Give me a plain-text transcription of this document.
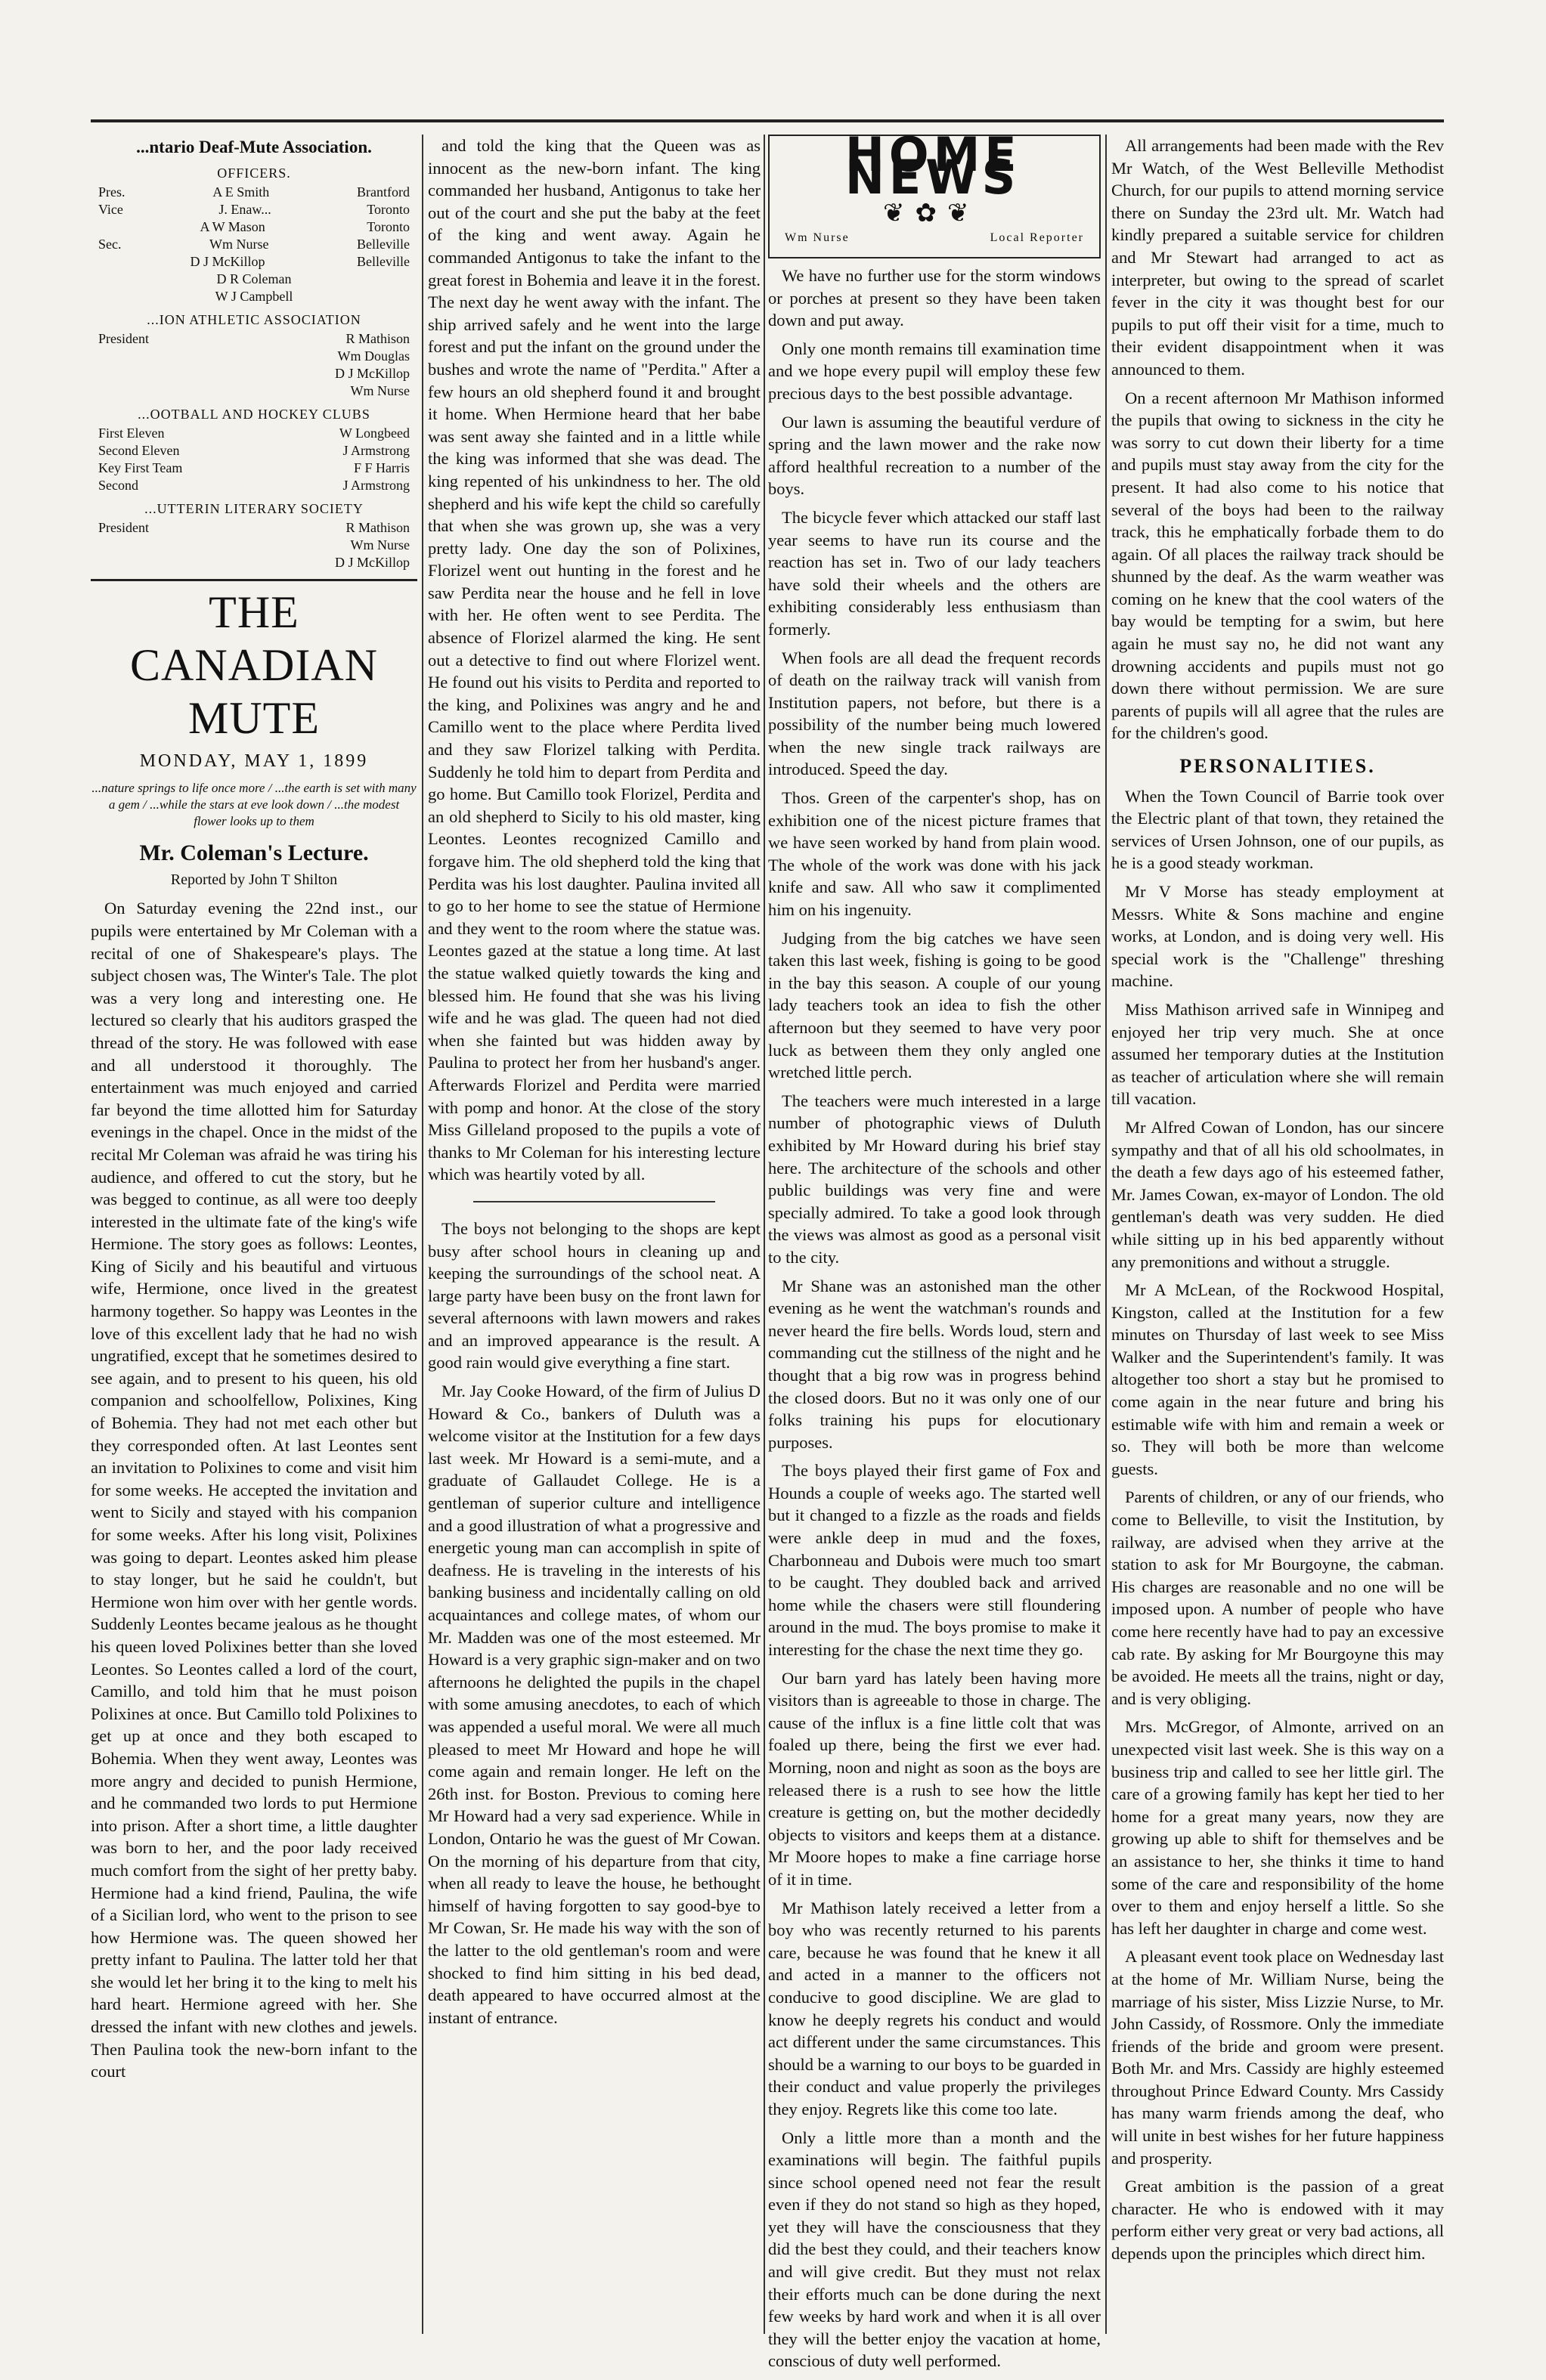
...ntario Deaf-Mute Association.
OFFICERS.
Pres.	A E Smith	Brantford
Vice	J. Enaw...	Toronto
A W Mason	Toronto
Sec.	Wm Nurse	Belleville
D J McKillop	Belleville
D R Coleman
W J Campbell
...ION ATHLETIC ASSOCIATION
President	R Mathison
Wm Douglas
D J McKillop
Wm Nurse
...OOTBALL AND HOCKEY CLUBS
First Eleven	W Longbeed
Second Eleven	J Armstrong
Key First Team	F F Harris
Second	J Armstrong
...UTTERIN LITERARY SOCIETY
President	R Mathison
Wm Nurse
D J McKillop
THE CANADIAN MUTE
MONDAY, MAY 1, 1899
...nature springs to life once more / ...the earth is set with many a gem / ...while the stars at eve look down / ...the modest flower looks up to them
Mr. Coleman's Lecture.
Reported by John T Shilton

On Saturday evening the 22nd inst., our pupils were entertained by Mr Coleman with a recital of one of Shakespeare's plays. The subject chosen was, The Winter's Tale. The plot was a very long and interesting one. He lectured so clearly that his auditors grasped the thread of the story. He was followed with ease and all understood it thoroughly. The entertainment was much enjoyed and carried far beyond the time allotted him for Saturday evenings in the chapel. Once in the midst of the recital Mr Coleman was afraid he was tiring his audience, and offered to cut the story, but he was begged to continue, as all were too deeply interested in the ultimate fate of the king's wife Hermione. The story goes as follows: Leontes, King of Sicily and his beautiful and virtuous wife, Hermione, once lived in the greatest harmony together. So happy was Leontes in the love of this excellent lady that he had no wish ungratified, except that he sometimes desired to see again, and to present to his queen, his old companion and schoolfellow, Polixines, King of Bohemia. They had not met each other but they corresponded often. At last Leontes sent an invitation to Polixines to come and visit him for some weeks. He accepted the invitation and went to Sicily and stayed with his companion for some weeks. After his long visit, Polixines was going to depart. Leontes asked him please to stay longer, but he said he couldn't, but Hermione won him over with her gentle words. Suddenly Leontes became jealous as he thought his queen loved Polixines better than she loved Leontes. So Leontes called a lord of the court, Camillo, and told him that he must poison Polixines at once. But Camillo told Polixines to get up at once and they both escaped to Bohemia. When they went away, Leontes was more angry and decided to punish Hermione, and he commanded two lords to put Hermione into prison. After a short time, a little daughter was born to her, and the poor lady received much comfort from the sight of her pretty baby. Hermione had a kind friend, Paulina, the wife of a Sicilian lord, who went to the prison to see how Hermione was. The queen showed her pretty infant to Paulina. The latter told her that she would let her bring it to the king to melt his hard heart. Hermione agreed with her. She dressed the infant with new clothes and jewels. Then Paulina took the new-born infant to the court

and told the king that the Queen was as innocent as the new-born infant. The king commanded her husband, Antigonus to take her out of the court and she put the baby at the feet of the king and went away. Again he commanded Antigonus to take the infant to the great forest in Bohemia and leave it in the forest. The next day he went away with the infant. The ship arrived safely and he went into the large forest and put the infant on the ground under the bushes and wrote the name of "Perdita." After a few hours an old shepherd found it and brought it home. When Hermione heard that her babe was sent away she fainted and in a little while the king was informed that she was dead. The king repented of his unkindness to her. The old shepherd and his wife kept the child so carefully that when she was grown up, she was a very pretty lady. One day the son of Polixines, Florizel went out hunting in the forest and he saw Perdita near the house and he fell in love with her. He often went to see Perdita. The absence of Florizel alarmed the king. He sent out a detective to find out where Florizel went. He found out his visits to Perdita and reported to the king, and Polixines was angry and he and Camillo went to the place where Perdita lived and they saw Florizel talking with Perdita. Suddenly he told him to depart from Perdita and go home. But Camillo took Florizel, Perdita and an old shepherd to Sicily to his old master, king Leontes. Leontes recognized Camillo and forgave him. The old shepherd told the king that Perdita was his lost daughter. Paulina invited all to go to her home to see the statue of Hermione and they went to the room where the statue was. Leontes gazed at the statue a long time. At last the statue walked quietly towards the king and blessed him. He found that she was his living wife and he was glad. The queen had not died when she fainted but was hidden away by Paulina to protect her from her husband's anger. Afterwards Florizel and Perdita were married with pomp and honor. At the close of the story Miss Gilleland proposed to the pupils a vote of thanks to Mr Coleman for his interesting lecture which was heartily voted by all.

The boys not belonging to the shops are kept busy after school hours in cleaning up and keeping the surroundings of the school neat. A large party have been busy on the front lawn for several afternoons with lawn mowers and rakes and an improved appearance is the result. A good rain would give everything a fine start.

Mr. Jay Cooke Howard, of the firm of Julius D Howard & Co., bankers of Duluth was a welcome visitor at the Institution for a few days last week. Mr Howard is a semi-mute, and a graduate of Gallaudet College. He is a gentleman of superior culture and intelligence and a good illustration of what a progressive and energetic young man can accomplish in spite of deafness. He is traveling in the interests of his banking business and incidentally calling on old acquaintances and college mates, of whom our Mr. Madden was one of the most esteemed. Mr Howard is a very graphic sign-maker and on two afternoons he delighted the pupils in the chapel with some amusing anecdotes, to each of which was appended a useful moral. We were all much pleased to meet Mr Howard and hope he will come again and remain longer. He left on the 26th inst. for Boston. Previous to coming here Mr Howard had a very sad experience. While in London, Ontario he was the guest of Mr Cowan. On the morning of his departure from that city, when all ready to leave the house, he bethought himself of having forgotten to say good-bye to Mr Cowan, Sr. He made his way with the son of the latter to the old gentleman's room and were shocked to find him sitting in his bed dead, death appeared to have occurred almost at the instant of entrance.

HOME NEWS
❦✿❦
Wm Nurse	Local Reporter

We have no further use for the storm windows or porches at present so they have been taken down and put away.

Only one month remains till examination time and we hope every pupil will employ these few precious days to the best possible advantage.

Our lawn is assuming the beautiful verdure of spring and the lawn mower and the rake now afford healthful recreation to a number of the boys.

The bicycle fever which attacked our staff last year seems to have run its course and the reaction has set in. Two of our lady teachers have sold their wheels and the others are exhibiting considerably less enthusiasm than formerly.

When fools are all dead the frequent records of death on the railway track will vanish from Institution papers, not before, but there is a possibility of the number being much lowered when the new single track railways are introduced. Speed the day.

Thos. Green of the carpenter's shop, has on exhibition one of the nicest picture frames that we have seen worked by hand from plain wood. The whole of the work was done with his jack knife and saw. All who saw it complimented him on his ingenuity.

Judging from the big catches we have seen taken this last week, fishing is going to be good in the bay this season. A couple of our young lady teachers took an idea to fish the other afternoon but they seemed to have very poor luck as between them they only angled one wretched little perch.

The teachers were much interested in a large number of photographic views of Duluth exhibited by Mr Howard during his brief stay here. The architecture of the schools and other public buildings was very fine and were specially admired. To take a good look through the views was almost as good as a personal visit to the city.

Mr Shane was an astonished man the other evening as he went the watchman's rounds and never heard the fire bells. Words loud, stern and commanding cut the stillness of the night and he thought that a big row was in progress behind the closed doors. But no it was only one of our folks training his pups for elocutionary purposes.

The boys played their first game of Fox and Hounds a couple of weeks ago. The started well but it changed to a fizzle as the roads and fields were ankle deep in mud and the foxes, Charbonneau and Dubois were much too smart to be caught. They doubled back and arrived home while the chasers were still floundering around in the mud. The boys promise to make it interesting for the chase the next time they go.

Our barn yard has lately been having more visitors than is agreeable to those in charge. The cause of the influx is a fine little colt that was foaled up there, being the first we ever had. Morning, noon and night as soon as the boys are released there is a rush to see how the little creature is getting on, but the mother decidedly objects to visitors and keeps them at a distance. Mr Moore hopes to make a fine carriage horse of it in time.

Mr Mathison lately received a letter from a boy who was recently returned to his parents care, because he was found that he knew it all and acted in a manner to the officers not conducive to good discipline. We are glad to know he deeply regrets his conduct and would act different under the same circumstances. This should be a warning to our boys to be guarded in their conduct and value properly the privileges they enjoy. Regrets like this come too late.

Only a little more than a month and the examinations will begin. The faithful pupils since school opened need not fear the result even if they do not stand so high as they hoped, yet they will have the consciousness that they did the best they could, and their teachers know and will give credit. But they must not relax their efforts much can be done during the next few weeks by hard work and when it is all over they will the better enjoy the vacation at home, conscious of duty well performed.

All arrangements had been made with the Rev Mr Watch, of the West Belleville Methodist Church, for our pupils to attend morning service there on Sunday the 23rd ult. Mr. Watch had kindly prepared a suitable service for children and Mr Stewart had arranged to act as interpreter, but owing to the spread of scarlet fever in the city it was thought best for our pupils to put off their visit for a time, much to their evident disappointment when it was announced to them.

On a recent afternoon Mr Mathison informed the pupils that owing to sickness in the city he was sorry to cut down their liberty for a time and pupils must stay away from the city for the present. It had also come to his notice that several of the boys had been to the railway track, this he emphatically forbade them to do again. Of all places the railway track should be shunned by the deaf. As the warm weather was coming on he knew that the cool waters of the bay would be tempting for a swim, but here again he must say no, he did not want any drowning accidents and pupils must not go down there without permission. We are sure parents of pupils will all agree that the rules are for the children's good.

PERSONALITIES.

When the Town Council of Barrie took over the Electric plant of that town, they retained the services of Ursen Johnson, one of our pupils, as he is a good steady workman.

Mr V Morse has steady employment at Messrs. White & Sons machine and engine works, at London, and is doing very well. His special work is the "Challenge" threshing machine.

Miss Mathison arrived safe in Winnipeg and enjoyed her trip very much. She at once assumed her temporary duties at the Institution as teacher of articulation where she will remain till vacation.

Mr Alfred Cowan of London, has our sincere sympathy and that of all his old schoolmates, in the death a few days ago of his esteemed father, Mr. James Cowan, ex-mayor of London. The old gentleman's death was very sudden. He died while sitting up in his bed apparently without any premonitions and without a struggle.

Mr A McLean, of the Rockwood Hospital, Kingston, called at the Institution for a few minutes on Thursday of last week to see Miss Walker and the Superintendent's family. It was altogether too short a stay but he promised to come again in the near future and bring his estimable wife with him and remain a week or so. They will both be more than welcome guests.

Parents of children, or any of our friends, who come to Belleville, to visit the Institution, by railway, are advised when they arrive at the station to ask for Mr Bourgoyne, the cabman. His charges are reasonable and no one will be imposed upon. A number of people who have come here recently have had to pay an excessive cab rate. By asking for Mr Bourgoyne this may be avoided. He meets all the trains, night or day, and is very obliging.

Mrs. McGregor, of Almonte, arrived on an unexpected visit last week. She is this way on a business trip and called to see her little girl. The care of a growing family has kept her tied to her home for a great many years, now they are growing up able to shift for themselves and be an assistance to her, she thinks it time to hand some of the care and responsibility of the home over to them and enjoy herself a little. So she has left her daughter in charge and come west.

A pleasant event took place on Wednesday last at the home of Mr. William Nurse, being the marriage of his sister, Miss Lizzie Nurse, to Mr. John Cassidy, of Rossmore. Only the immediate friends of the bride and groom were present. Both Mr. and Mrs. Cassidy are highly esteemed throughout Prince Edward County. Mrs Cassidy has many warm friends among the deaf, who will unite in best wishes for her future happiness and prosperity.

Great ambition is the passion of a great character. He who is endowed with it may perform either very great or very bad actions, all depends upon the principles which direct him.
